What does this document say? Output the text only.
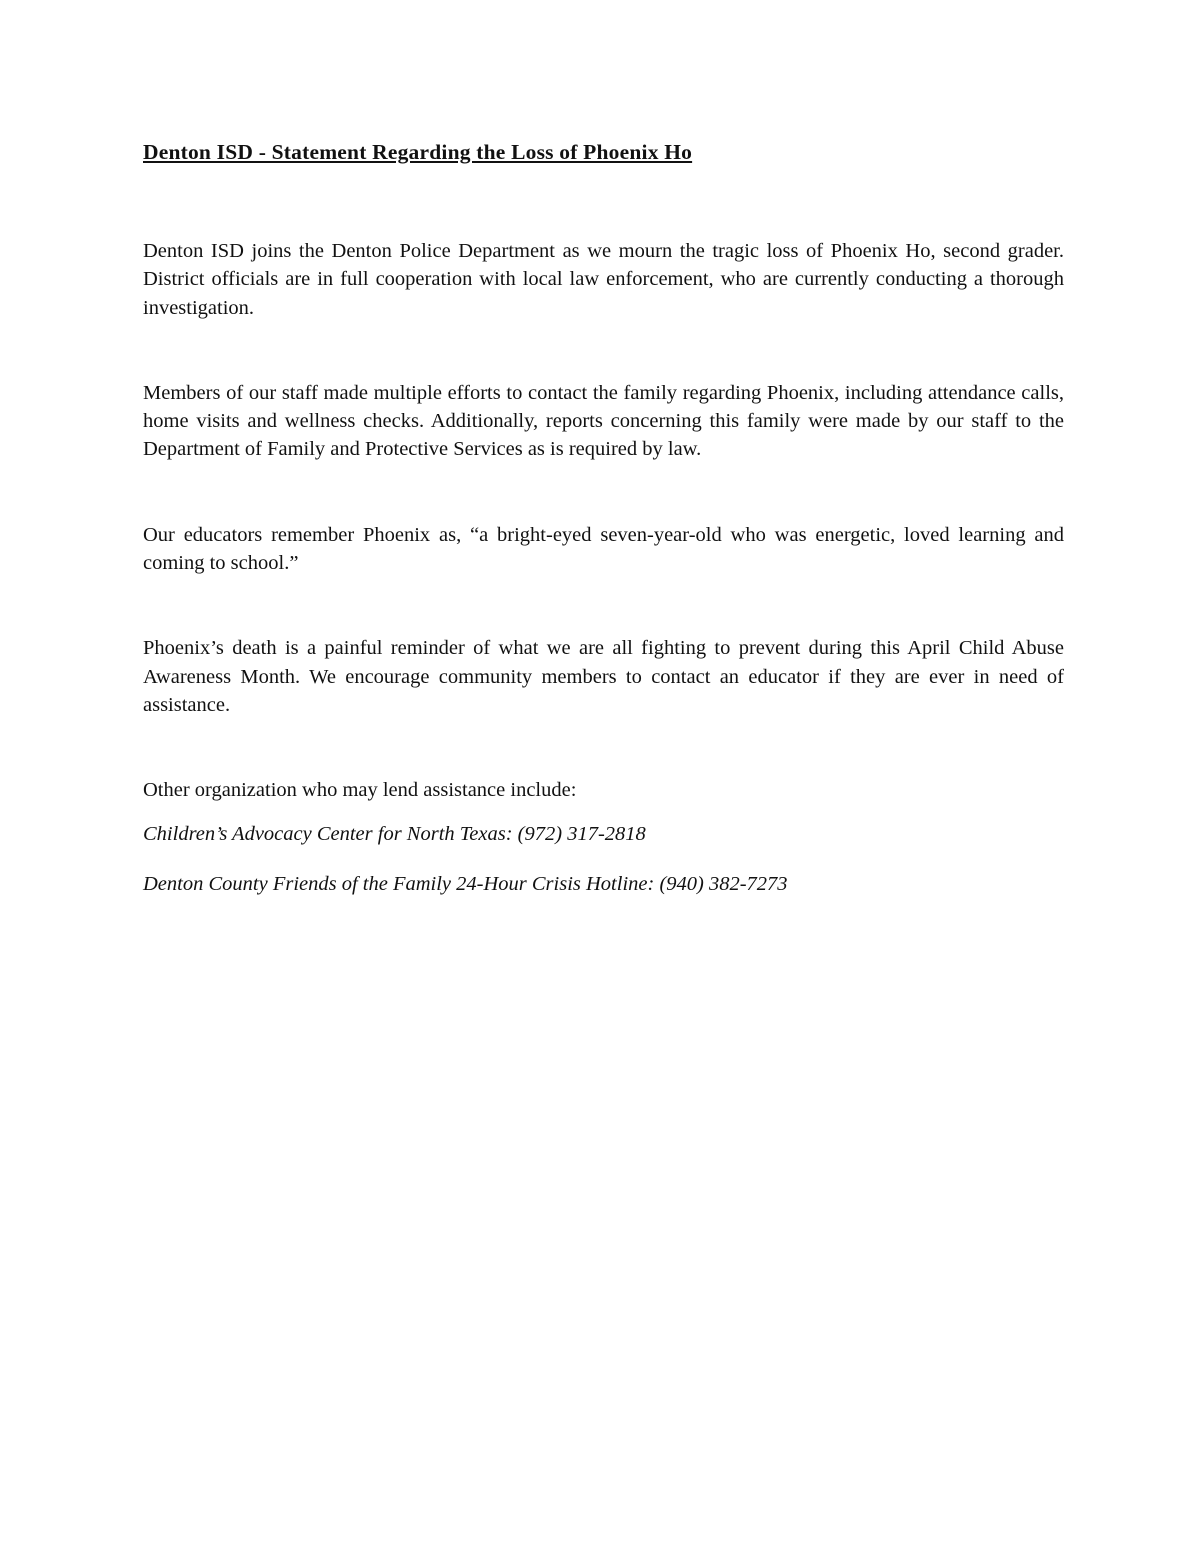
Denton ISD - Statement Regarding the Loss of Phoenix Ho

Denton ISD joins the Denton Police Department as we mourn the tragic loss of Phoenix Ho, second grader. District officials are in full cooperation with local law enforcement, who are currently conducting a thorough investigation.

Members of our staff made multiple efforts to contact the family regarding Phoenix, including attendance calls, home visits and wellness checks. Additionally, reports concerning this family were made by our staff to the Department of Family and Protective Services as is required by law.

Our educators remember Phoenix as, “a bright-eyed seven-year-old who was energetic, loved learning and coming to school.”

Phoenix’s death is a painful reminder of what we are all fighting to prevent during this April Child Abuse Awareness Month. We encourage community members to contact an educator if they are ever in need of assistance.

Other organization who may lend assistance include:

Children’s Advocacy Center for North Texas: (972) 317-2818

Denton County Friends of the Family 24-Hour Crisis Hotline: (940) 382-7273
